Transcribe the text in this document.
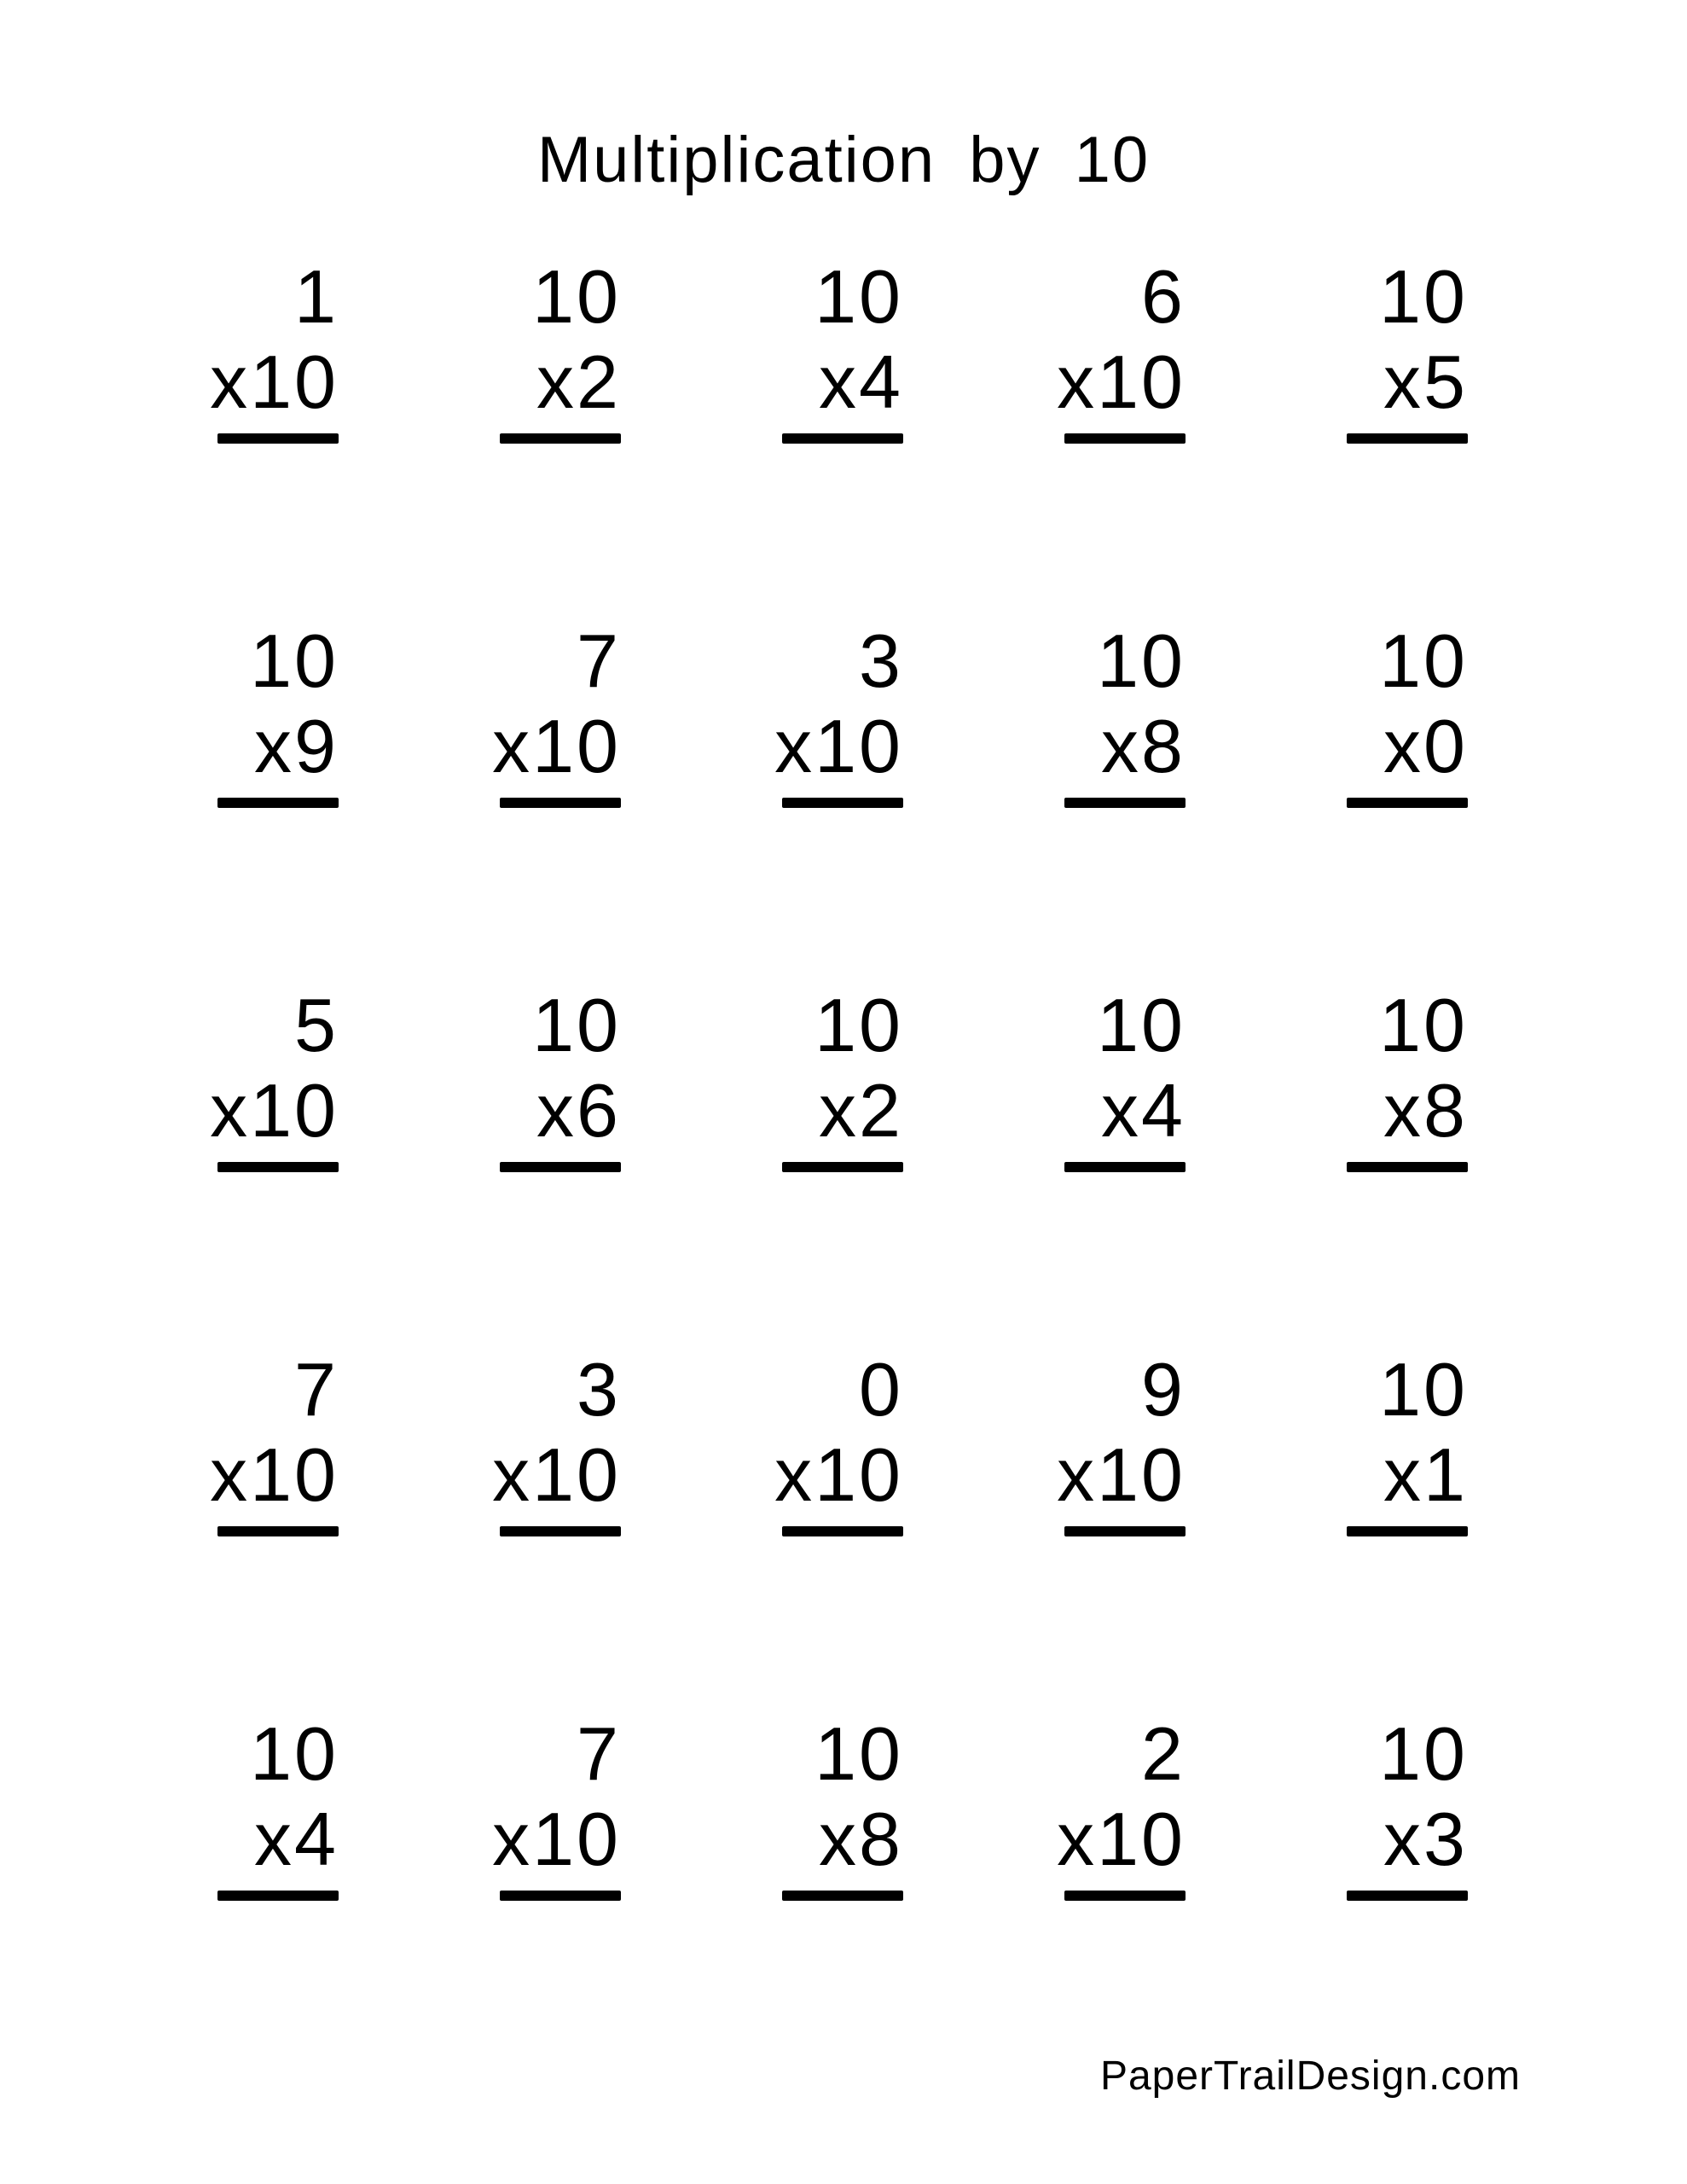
Multiplication by 10
1
x10
10
x2
10
x4
6
x10
10
x5
10
x9
7
x10
3
x10
10
x8
10
x0
5
x10
10
x6
10
x2
10
x4
10
x8
7
x10
3
x10
0
x10
9
x10
10
x1
10
x4
7
x10
10
x8
2
x10
10
x3
PaperTrailDesign.com
